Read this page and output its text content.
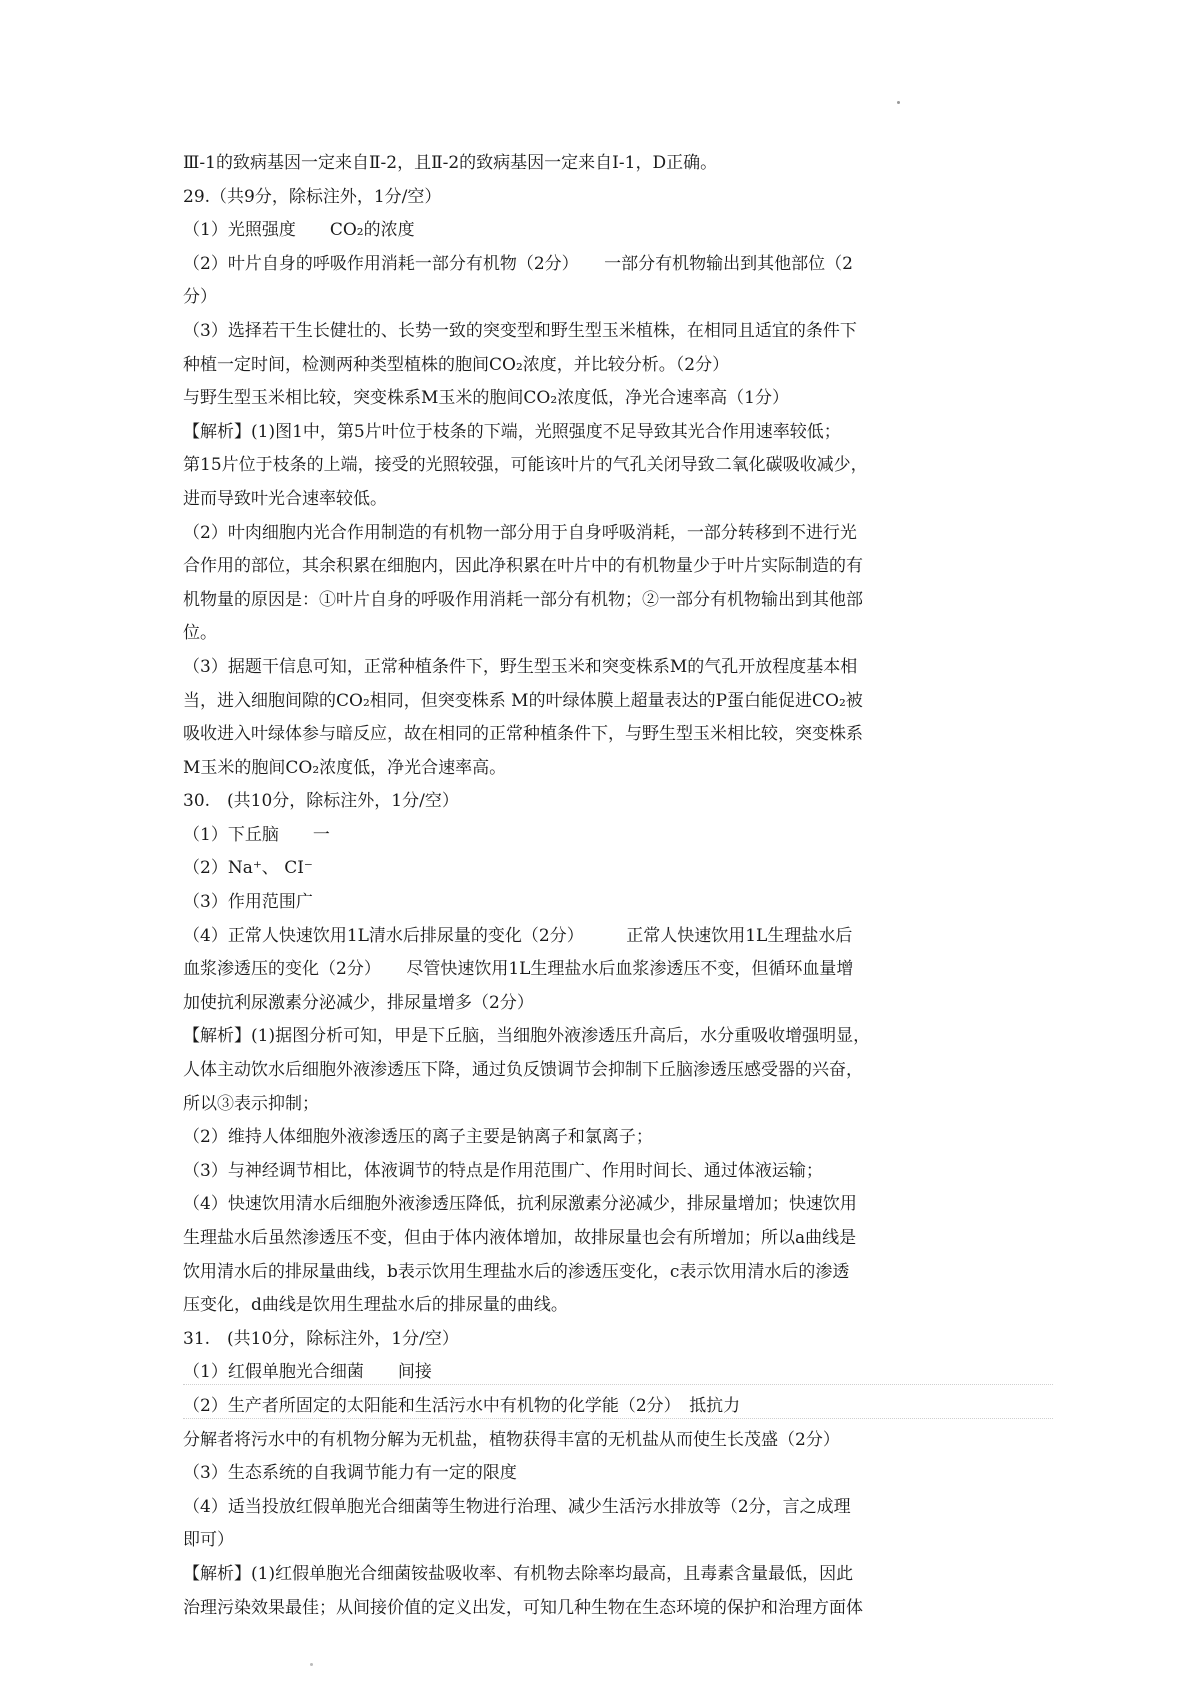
Ⅲ-1的致病基因一定来自Ⅱ-2，且Ⅱ-2的致病基因一定来自Ⅰ-1，D正确。
29.（共9分，除标注外，1分/空）
（1）光照强度　　CO₂的浓度
（2）叶片自身的呼吸作用消耗一部分有机物（2分）　　一部分有机物输出到其他部位（2
分）
（3）选择若干生长健壮的、长势一致的突变型和野生型玉米植株，在相同且适宜的条件下
种植一定时间，检测两种类型植株的胞间CO₂浓度，并比较分析。（2分）
与野生型玉米相比较，突变株系M玉米的胞间CO₂浓度低，净光合速率高（1分）
【解析】(1)图1中，第5片叶位于枝条的下端，光照强度不足导致其光合作用速率较低；
第15片位于枝条的上端，接受的光照较强，可能该叶片的气孔关闭导致二氧化碳吸收减少，
进而导致叶光合速率较低。
（2）叶肉细胞内光合作用制造的有机物一部分用于自身呼吸消耗，一部分转移到不进行光
合作用的部位，其余积累在细胞内，因此净积累在叶片中的有机物量少于叶片实际制造的有
机物量的原因是：①叶片自身的呼吸作用消耗一部分有机物；②一部分有机物输出到其他部
位。
（3）据题干信息可知，正常种植条件下，野生型玉米和突变株系M的气孔开放程度基本相
当，进入细胞间隙的CO₂相同，但突变株系 M的叶绿体膜上超量表达的P蛋白能促进CO₂被
吸收进入叶绿体参与暗反应，故在相同的正常种植条件下，与野生型玉米相比较，突变株系
M玉米的胞间CO₂浓度低，净光合速率高。
30.　(共10分，除标注外，1分/空）
（1）下丘脑　　一
（2）Na⁺、 CI⁻
（3）作用范围广
（4）正常人快速饮用1L清水后排尿量的变化（2分）　　　正常人快速饮用1L生理盐水后
血浆渗透压的变化（2分）　　尽管快速饮用1L生理盐水后血浆渗透压不变，但循环血量增
加使抗利尿激素分泌减少，排尿量增多（2分）
【解析】(1)据图分析可知，甲是下丘脑，当细胞外液渗透压升高后，水分重吸收增强明显，
人体主动饮水后细胞外液渗透压下降，通过负反馈调节会抑制下丘脑渗透压感受器的兴奋，
所以③表示抑制；
（2）维持人体细胞外液渗透压的离子主要是钠离子和氯离子；
（3）与神经调节相比，体液调节的特点是作用范围广、作用时间长、通过体液运输；
（4）快速饮用清水后细胞外液渗透压降低，抗利尿激素分泌减少，排尿量增加；快速饮用
生理盐水后虽然渗透压不变，但由于体内液体增加，故排尿量也会有所增加；所以a曲线是
饮用清水后的排尿量曲线，b表示饮用生理盐水后的渗透压变化，c表示饮用清水后的渗透
压变化，d曲线是饮用生理盐水后的排尿量的曲线。
31.　(共10分，除标注外，1分/空）
（1）红假单胞光合细菌　　间接
（2）生产者所固定的太阳能和生活污水中有机物的化学能（2分）　抵抗力
分解者将污水中的有机物分解为无机盐，植物获得丰富的无机盐从而使生长茂盛（2分）
（3）生态系统的自我调节能力有一定的限度
（4）适当投放红假单胞光合细菌等生物进行治理、减少生活污水排放等（2分，言之成理
即可）
【解析】(1)红假单胞光合细菌铵盐吸收率、有机物去除率均最高，且毒素含量最低，因此
治理污染效果最佳；从间接价值的定义出发，可知几种生物在生态环境的保护和治理方面体
